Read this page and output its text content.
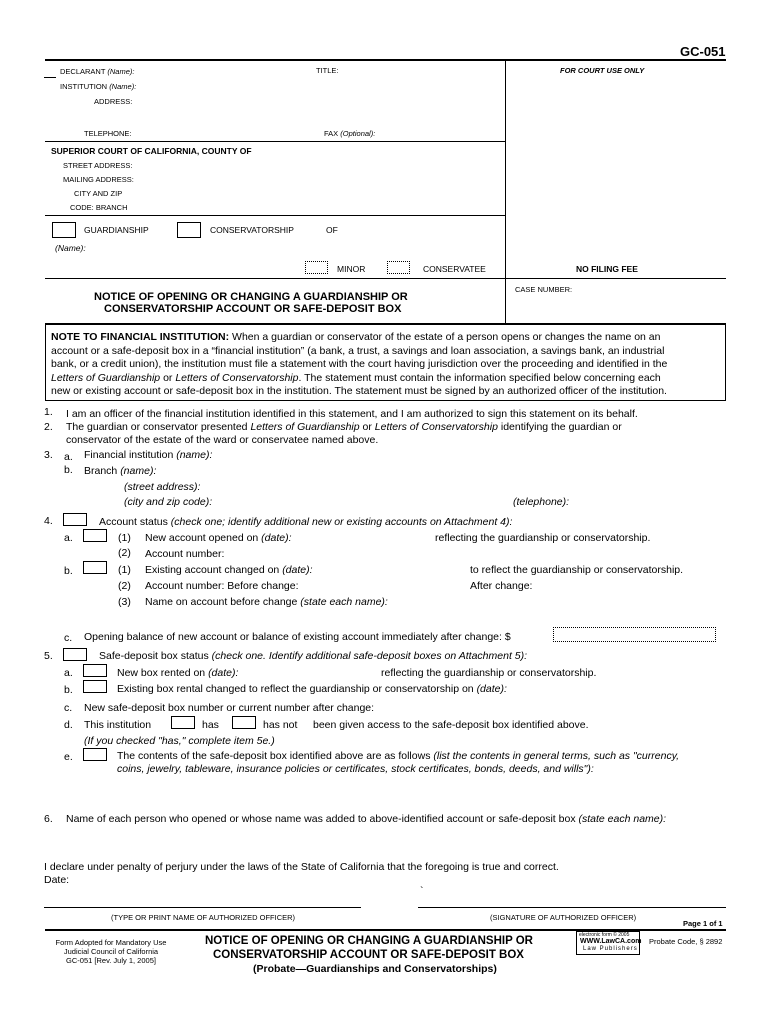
GC-051
DECLARANT (Name):	TITLE:	FOR COURT USE ONLY
INSTITUTION (Name):
ADDRESS:
TELEPHONE:	FAX (Optional):
SUPERIOR COURT OF CALIFORNIA, COUNTY OF
STREET ADDRESS:
MAILING ADDRESS:
CITY AND ZIP
CODE: BRANCH
GUARDIANSHIP	CONSERVATORSHIP	OF
(Name):
MINOR	CONSERVATEE	NO FILING FEE
CASE NUMBER:
NOTICE OF OPENING OR CHANGING A GUARDIANSHIP OR
CONSERVATORSHIP ACCOUNT OR SAFE-DEPOSIT BOX
NOTE TO FINANCIAL INSTITUTION: When a guardian or conservator of the estate of a person opens or changes the name on an
account or a safe-deposit box in a “financial institution” (a bank, a trust, a savings and loan association, a savings bank, an industrial
bank, or a credit union), the institution must file a statement with the court having jurisdiction over the proceeding and identified in the
Letters of Guardianship or Letters of Conservatorship. The statement must contain the information specified below concerning each
new or existing account or safe-deposit box in the institution. The statement must be signed by an authorized officer of the institution.
1. I am an officer of the financial institution identified in this statement, and I am authorized to sign this statement on its behalf.
2. The guardian or conservator presented Letters of Guardianship or Letters of Conservatorship identifying the guardian or
conservator of the estate of the ward or conservatee named above.
3. a. Financial institution (name):
b. Branch (name):
(street address):
(city and zip code):	(telephone):
4.	Account status (check one; identify additional new or existing accounts on Attachment 4):
a.	(1) New account opened on (date):	reflecting the guardianship or conservatorship.
(2) Account number:
b.	(1) Existing account changed on (date):	to reflect the guardianship or conservatorship.
(2) Account number: Before change:	After change:
(3) Name on account before change (state each name):
c. Opening balance of new account or balance of existing account immediately after change: $
5.	Safe-deposit box status (check one. Identify additional safe-deposit boxes on Attachment 5):
a.	New box rented on (date):	reflecting the guardianship or conservatorship.
b.	Existing box rental changed to reflect the guardianship or conservatorship on (date):
c. New safe-deposit box number or current number after change:
d. This institution	has	has not been given access to the safe-deposit box identified above.
(If you checked "has," complete item 5e.)
e.	The contents of the safe-deposit box identified above are as follows (list the contents in general terms, such as "currency,
coins, jewelry, tableware, insurance policies or certificates, stock certificates, bonds, deeds, and wills"):
6. Name of each person who opened or whose name was added to above-identified account or safe-deposit box (state each name):
I declare under penalty of perjury under the laws of the State of California that the foregoing is true and correct.
Date:
`
(TYPE OR PRINT NAME OF AUTHORIZED OFFICER)	(SIGNATURE OF AUTHORIZED OFFICER)
Page 1 of 1
Form Adopted for Mandatory Use
Judicial Council of California
GC-051 [Rev. July 1, 2005]
NOTICE OF OPENING OR CHANGING A GUARDIANSHIP OR
CONSERVATORSHIP ACCOUNT OR SAFE-DEPOSIT BOX
(Probate—Guardianships and Conservatorships)
electronic form © 2005
WWW.LawCA.com
Law Publishers
Probate Code, § 2892
